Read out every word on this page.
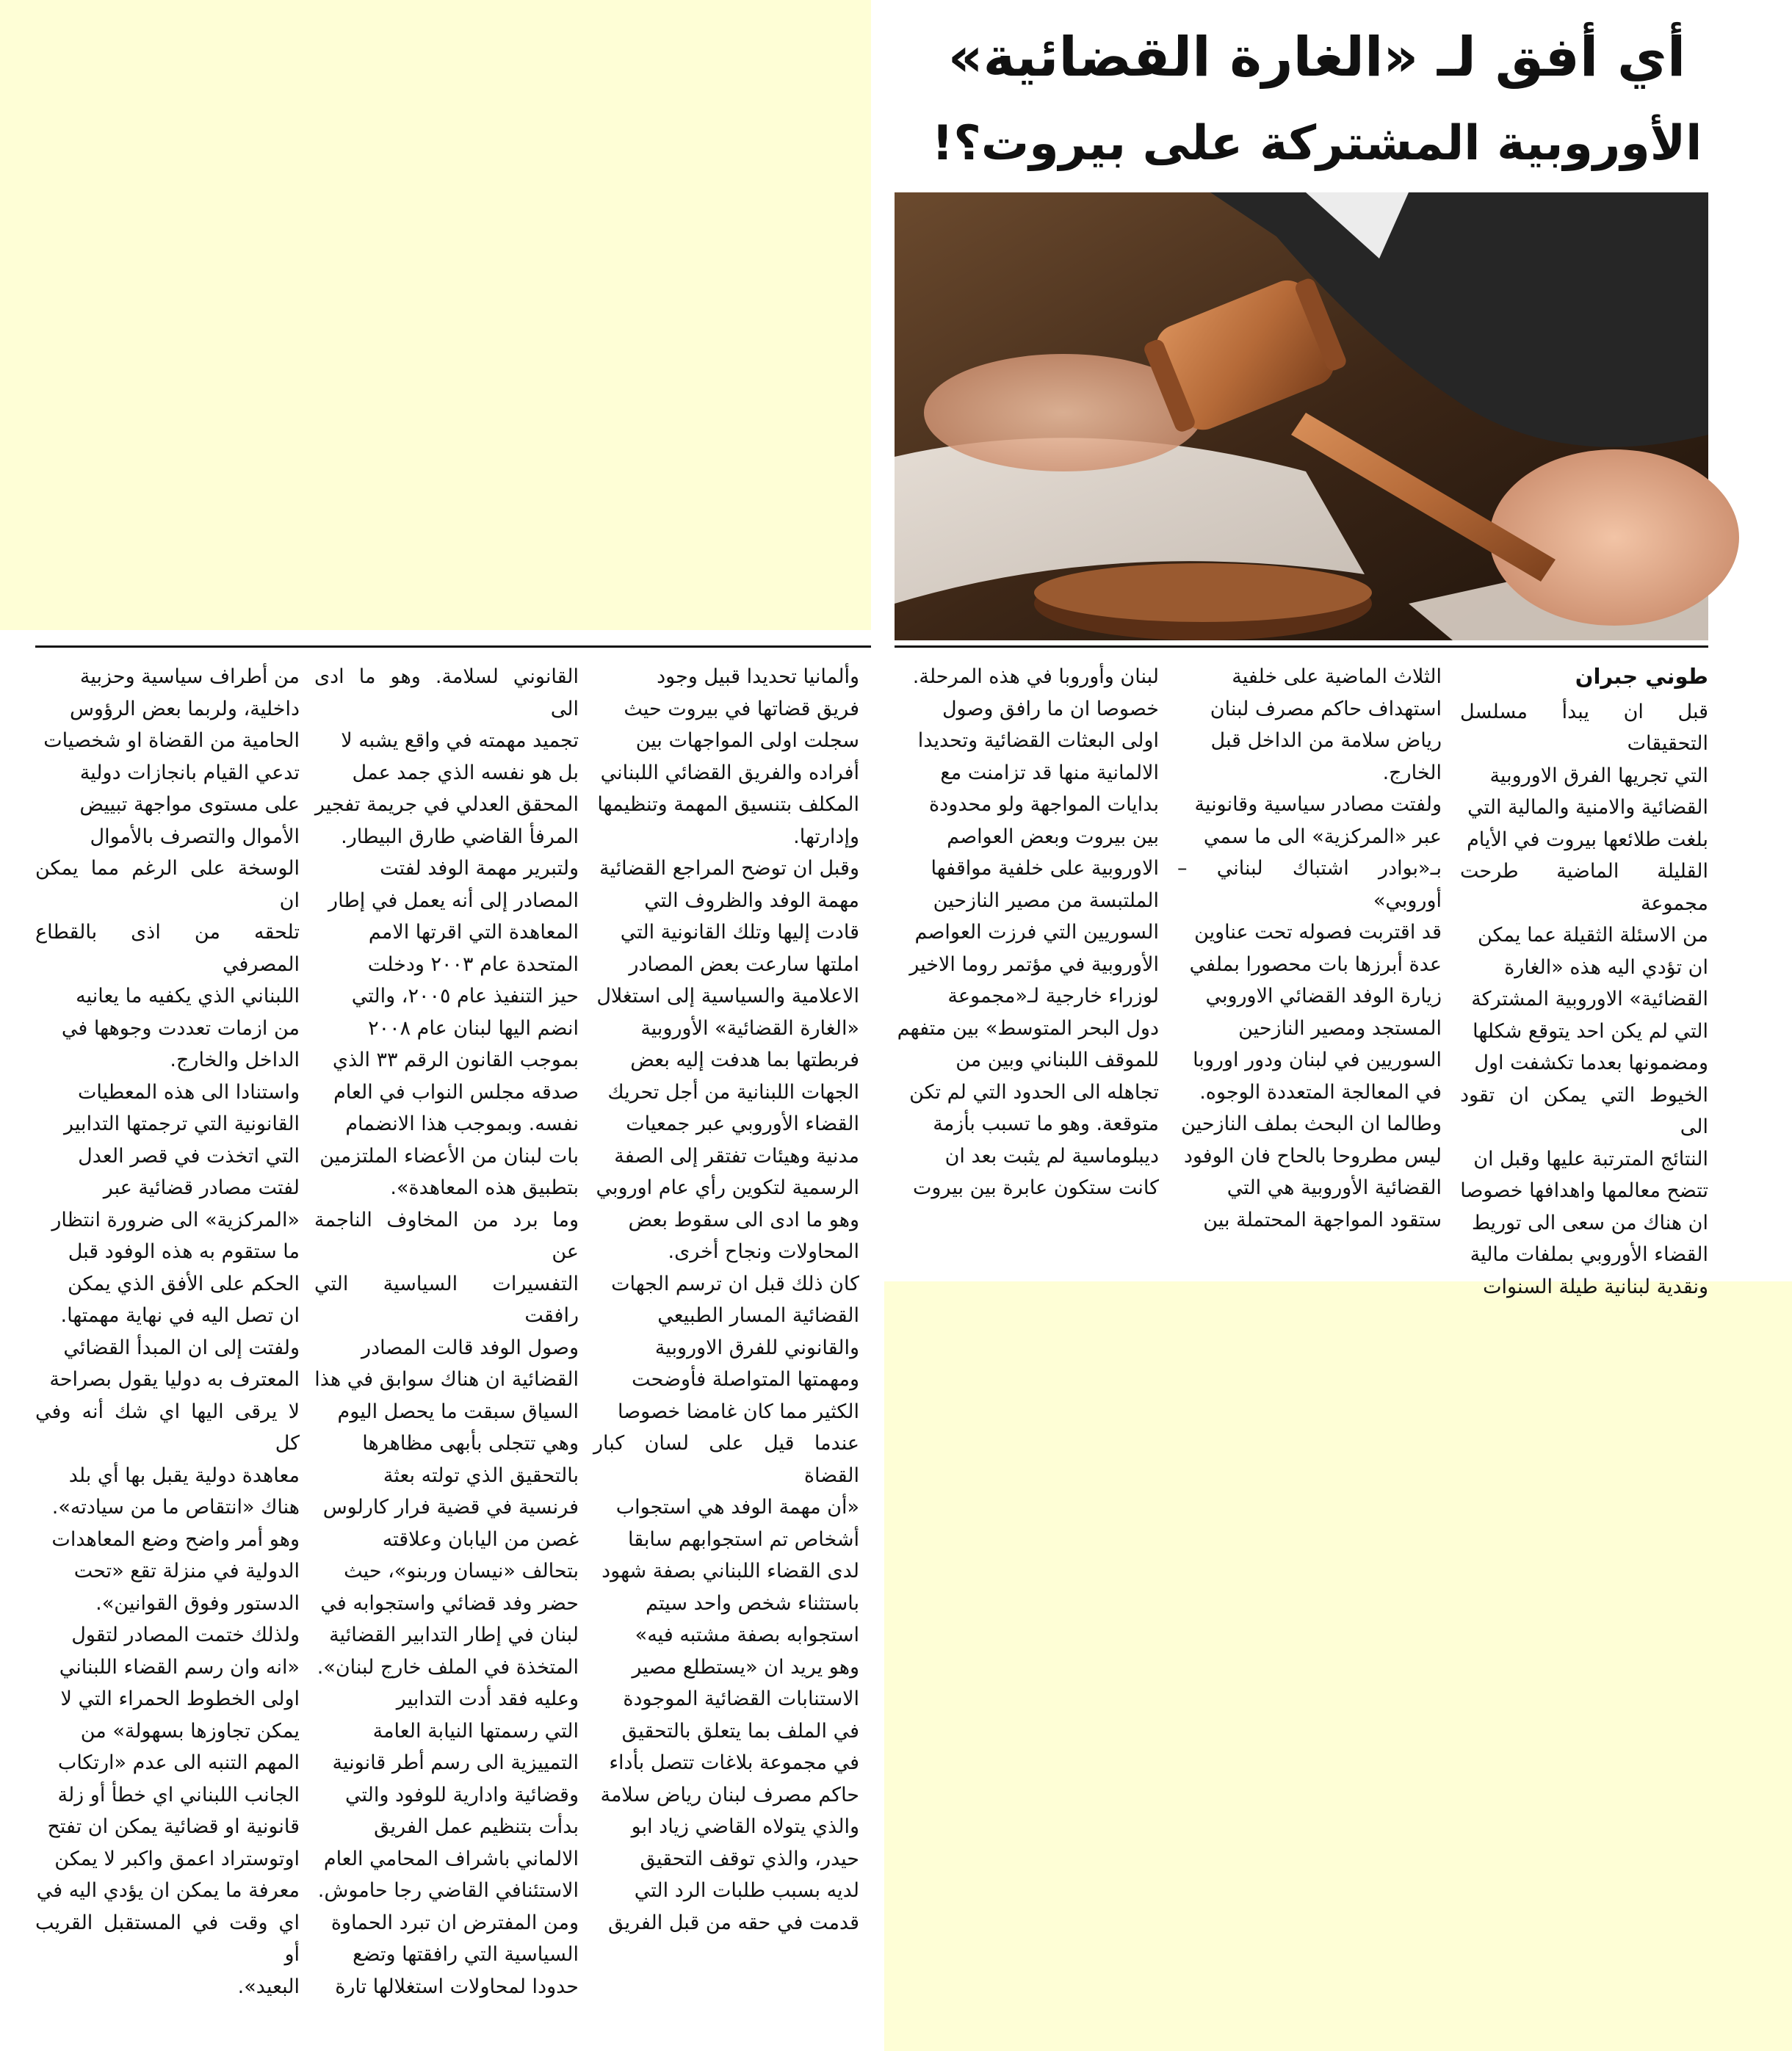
أي أفق لـ «الغارة القضائية»
الأوروبية المشتركة على بيروت؟!

طوني جبران

قبل ان يبدأ مسلسل التحقيقات
التي تجريها الفرق الاوروبية
القضائية والامنية والمالية التي
بلغت طلائعها بيروت في الأيام
القليلة الماضية طرحت مجموعة
من الاسئلة الثقيلة عما يمكن
ان تؤدي اليه هذه «الغارة
القضائية» الاوروبية المشتركة
التي لم يكن احد يتوقع شكلها
ومضمونها بعدما تكشفت اول
الخيوط التي يمكن ان تقود الى
النتائج المترتبة عليها وقبل ان
تتضح معالمها واهدافها خصوصا
ان هناك من سعى الى توريط
القضاء الأوروبي بملفات مالية
ونقدية لبنانية طيلة السنوات

الثلاث الماضية على خلفية
استهداف حاكم مصرف لبنان
رياض سلامة من الداخل قبل
الخارج.

ولفتت مصادر سياسية وقانونية
عبر «المركزية» الى ما سمي
بـ«بوادر اشتباك لبناني – أوروبي»
قد اقتربت فصوله تحت عناوين
عدة أبرزها بات محصورا بملفي
زيارة الوفد القضائي الاوروبي
المستجد ومصير النازحين
السوريين في لبنان ودور اوروبا
في المعالجة المتعددة الوجوه.

وطالما ان البحث بملف النازحين
ليس مطروحا بالحاح فان الوفود
القضائية الأوروبية هي التي
ستقود المواجهة المحتملة بين

لبنان وأوروبا في هذه المرحلة.
خصوصا ان ما رافق وصول
اولى البعثات القضائية وتحديدا
الالمانية منها قد تزامنت مع
بدايات المواجهة ولو محدودة
بين بيروت وبعض العواصم
الاوروبية على خلفية مواقفها
الملتبسة من مصير النازحين
السوريين التي فرزت العواصم
الأوروبية في مؤتمر روما الاخير
لوزراء خارجية لـ«مجموعة
دول البحر المتوسط» بين متفهم
للموقف اللبناني وبين من
تجاهله الى الحدود التي لم تكن
متوقعة. وهو ما تسبب بأزمة
ديبلوماسية لم يثبت بعد ان
كانت ستكون عابرة بين بيروت

وألمانيا تحديدا قبيل وجود
فريق قضاتها في بيروت حيث
سجلت اولى المواجهات بين
أفراده والفريق القضائي اللبناني
المكلف بتنسيق المهمة وتنظيمها
وإدارتها.

وقبل ان توضح المراجع القضائية
مهمة الوفد والظروف التي
قادت إليها وتلك القانونية التي
املتها سارعت بعض المصادر
الاعلامية والسياسية إلى استغلال
«الغارة القضائية» الأوروبية
فربطتها بما هدفت إليه بعض
الجهات اللبنانية من أجل تحريك
القضاء الأوروبي عبر جمعيات
مدنية وهيئات تفتقر إلى الصفة
الرسمية لتكوين رأي عام اوروبي
وهو ما ادى الى سقوط بعض
المحاولات ونجاح أخرى.

كان ذلك قبل ان ترسم الجهات
القضائية المسار الطبيعي
والقانوني للفرق الاوروبية
ومهمتها المتواصلة فأوضحت
الكثير مما كان غامضا خصوصا
عندما قيل على لسان كبار القضاة
«أن مهمة الوفد هي استجواب
أشخاص تم استجوابهم سابقا
لدى القضاء اللبناني بصفة شهود
باستثناء شخص واحد سيتم
استجوابه بصفة مشتبه فيه»
وهو يريد ان «يستطلع مصير
الاستنابات القضائية الموجودة
في الملف بما يتعلق بالتحقيق
في مجموعة بلاغات تتصل بأداء
حاكم مصرف لبنان رياض سلامة
والذي يتولاه القاضي زياد ابو
حيدر، والذي توقف التحقيق
لديه بسبب طلبات الرد التي
قدمت في حقه من قبل الفريق

القانوني لسلامة. وهو ما ادى الى
تجميد مهمته في واقع يشبه لا
بل هو نفسه الذي جمد عمل
المحقق العدلي في جريمة تفجير
المرفأ القاضي طارق البيطار.

ولتبرير مهمة الوفد لفتت
المصادر إلى أنه يعمل في إطار
المعاهدة التي اقرتها الامم
المتحدة عام ٢٠٠٣ ودخلت
حيز التنفيذ عام ٢٠٠٥، والتي
انضم اليها لبنان عام ٢٠٠٨
بموجب القانون الرقم ٣٣ الذي
صدقه مجلس النواب في العام
نفسه. وبموجب هذا الانضمام
بات لبنان من الأعضاء الملتزمين
بتطبيق هذه المعاهدة».

وما برد من المخاوف الناجمة عن
التفسيرات السياسية التي رافقت
وصول الوفد قالت المصادر
القضائية ان هناك سوابق في هذا
السياق سبقت ما يحصل اليوم
وهي تتجلى بأبهى مظاهرها
بالتحقيق الذي تولته بعثة
فرنسية في قضية فرار كارلوس
غصن من اليابان وعلاقته
بتحالف «نيسان وربنو»، حيث
حضر وفد قضائي واستجوابه في
لبنان في إطار التدابير القضائية
المتخذة في الملف خارج لبنان».

وعليه فقد أدت التدابير
التي رسمتها النيابة العامة
التمييزية الى رسم أطر قانونية
وقضائية وادارية للوفود والتي
بدأت بتنظيم عمل الفريق
الالماني باشراف المحامي العام
الاستئنافي القاضي رجا حاموش.

ومن المفترض ان تبرد الحماوة
السياسية التي رافقتها وتضع
حدودا لمحاولات استغلالها تارة

من أطراف سياسية وحزبية
داخلية، ولربما بعض الرؤوس
الحامية من القضاة او شخصيات
تدعي القيام بانجازات دولية
على مستوى مواجهة تبييض
الأموال والتصرف بالأموال
الوسخة على الرغم مما يمكن ان
تلحقه من اذى بالقطاع المصرفي
اللبناني الذي يكفيه ما يعانيه
من ازمات تعددت وجوهها في
الداخل والخارج.

واستنادا الى هذه المعطيات
القانونية التي ترجمتها التدابير
التي اتخذت في قصر العدل
لفتت مصادر قضائية عبر
«المركزية» الى ضرورة انتظار
ما ستقوم به هذه الوفود قبل
الحكم على الأفق الذي يمكن
ان تصل اليه في نهاية مهمتها.

ولفتت إلى ان المبدأ القضائي
المعترف به دوليا يقول بصراحة
لا يرقى اليها اي شك أنه وفي كل
معاهدة دولية يقبل بها أي بلد
هناك «انتقاص ما من سيادته».
وهو أمر واضح وضع المعاهدات
الدولية في منزلة تقع «تحت
الدستور وفوق القوانين».

ولذلك ختمت المصادر لتقول
«انه وان رسم القضاء اللبناني
اولى الخطوط الحمراء التي لا
يمكن تجاوزها بسهولة» من
المهم التنبه الى عدم «ارتكاب
الجانب اللبناني اي خطأ أو زلة
قانونية او قضائية يمكن ان تفتح
اوتوستراد اعمق واكبر لا يمكن
معرفة ما يمكن ان يؤدي اليه في
اي وقت في المستقبل القريب أو
البعيد».
